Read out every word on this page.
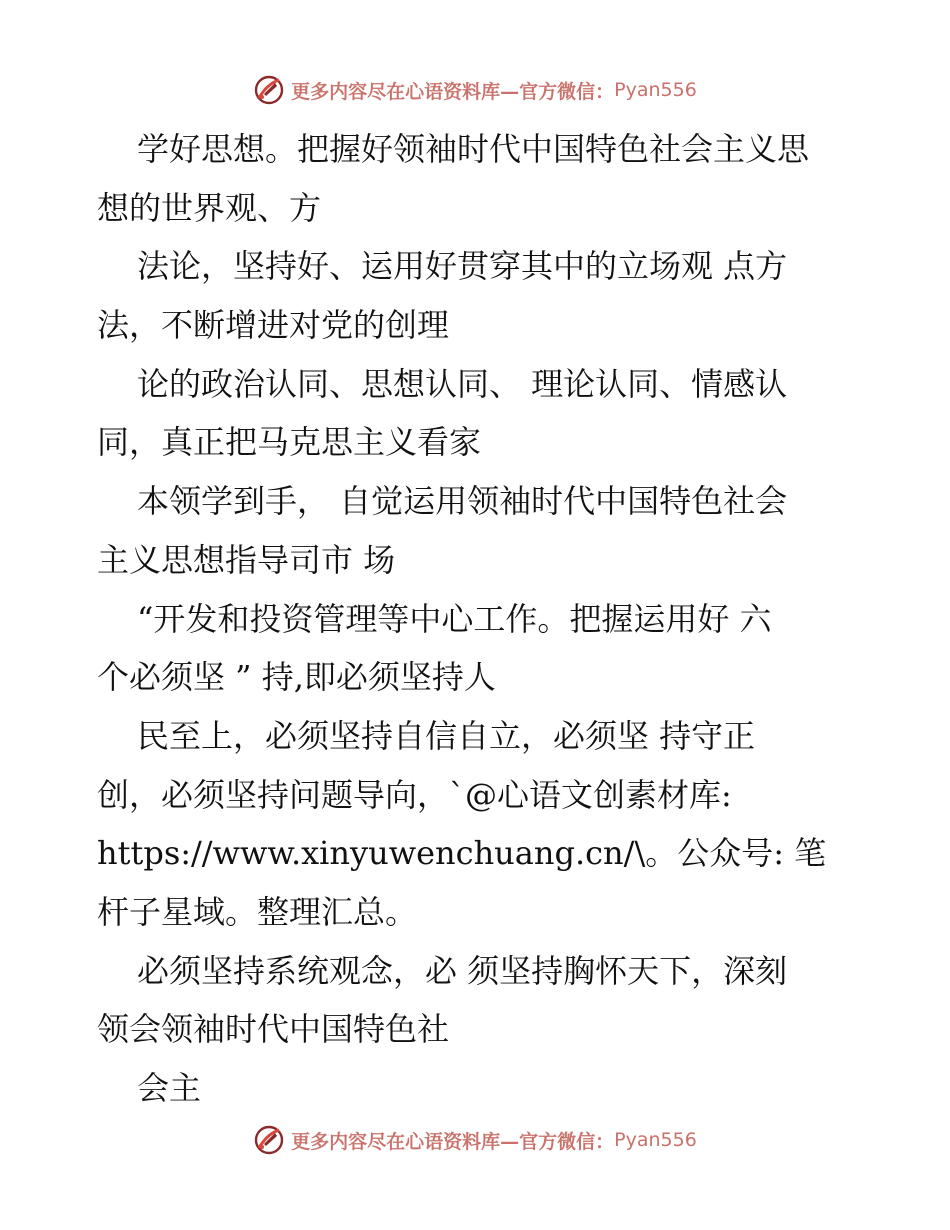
更多内容尽在心语资料库—官方微信： Pyan556
学好思想。把握好领袖时代中国特色社会主义思
想的世界观、方
法论，坚持好、运用好贯穿其中的立场观 点方
法，不断增进对党的创理
论的政治认同、思想认同、 理论认同、情感认
同，真正把马克思主义看家
本领学到手， 自觉运用领袖时代中国特色社会
主义思想指导司市 场
“开发和投资管理等中心工作。把握运用好 六
个必须坚 ” 持,即必须坚持人
民至上，必须坚持自信自立，必须坚 持守正
创，必须坚持问题导向，`@心语文创素材库:
https://www.xinyuwenchuang.cn/\。公众号: 笔
杆子星域。整理汇总。
必须坚持系统观念，必 须坚持胸怀天下，深刻
领会领袖时代中国特色社
会主
更多内容尽在心语资料库—官方微信： Pyan556
